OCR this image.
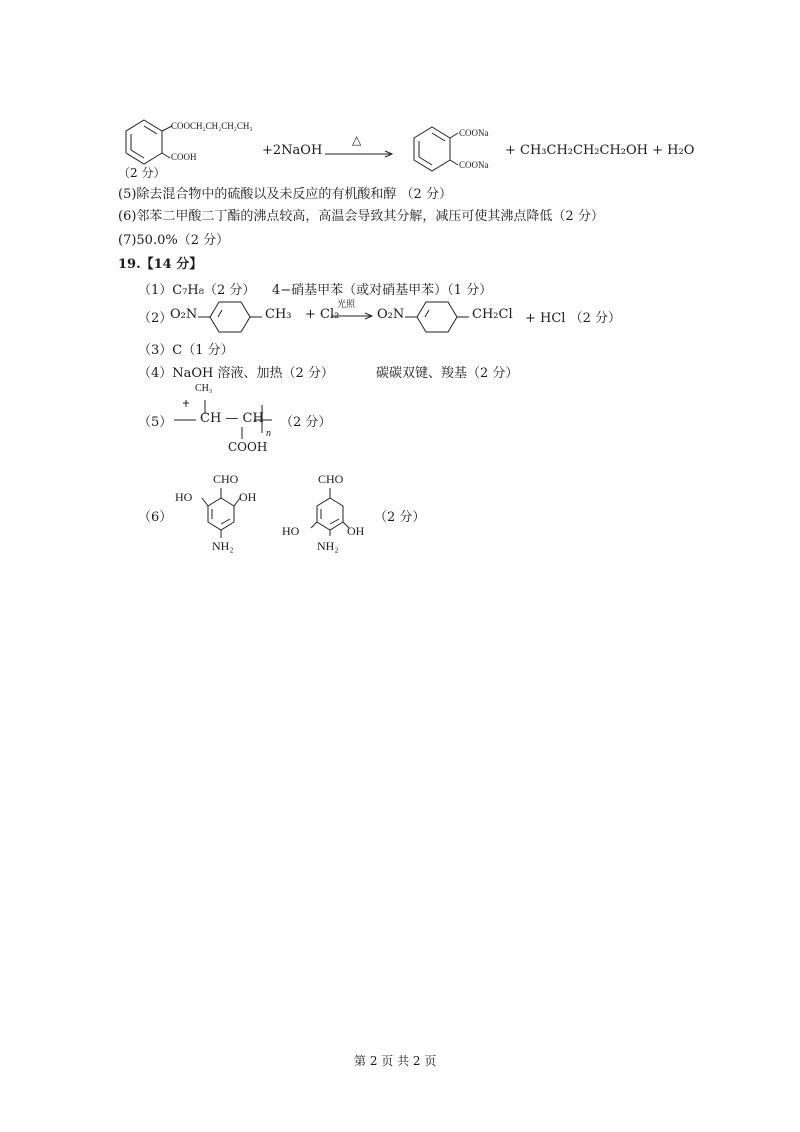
COOCH₂CH₂CH₂CH₃
COOH
（2 分）
+2NaOH
△	COONa
COONa
+ CH₃CH₂CH₂CH₂OH + H₂O
(5)除去混合物中的硫酸以及未反应的有机酸和醇 （2 分）
(6)邻苯二甲酸二丁酯的沸点较高，高温会导致其分解，减压可使其沸点降低（2 分）
(7)50.0%（2 分）
19.【14 分】
（1）C₇H₈（2 分） 4−硝基甲苯（或对硝基甲苯）（1 分）
（2）
O₂N	CH₃ + Cl₂
光照
→ O₂N	CH₂Cl + HCl （2 分）
（3）C（1 分）
（4）NaOH 溶液、加热（2 分）	碳碳双键、羧基（2 分）
（5）
CH₃
CH — CH
n
COOH
（2 分）
（6）
CHO
HO	OH
NH₂
CHO
HO	OH
NH₂
（2 分）
第 2 页 共 2 页
